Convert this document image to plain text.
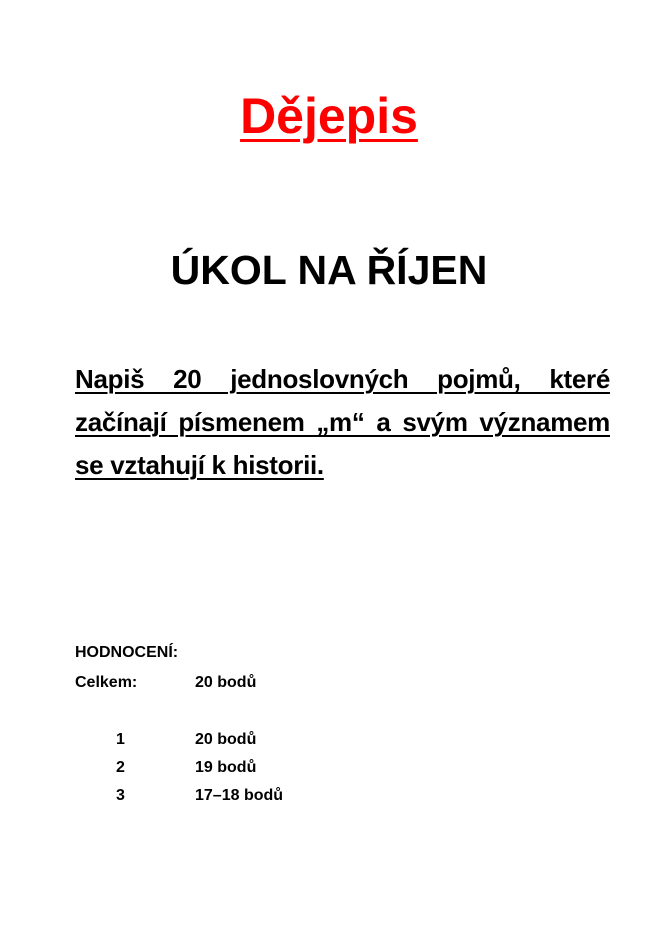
Dějepis
ÚKOL NA ŘÍJEN
Napiš 20 jednoslovných pojmů, které začínají písmenem „m“ a svým významem se vztahují k historii.
HODNOCENÍ:
Celkem:	20 bodů
1	20 bodů
2	19 bodů
3	17–18 bodů
